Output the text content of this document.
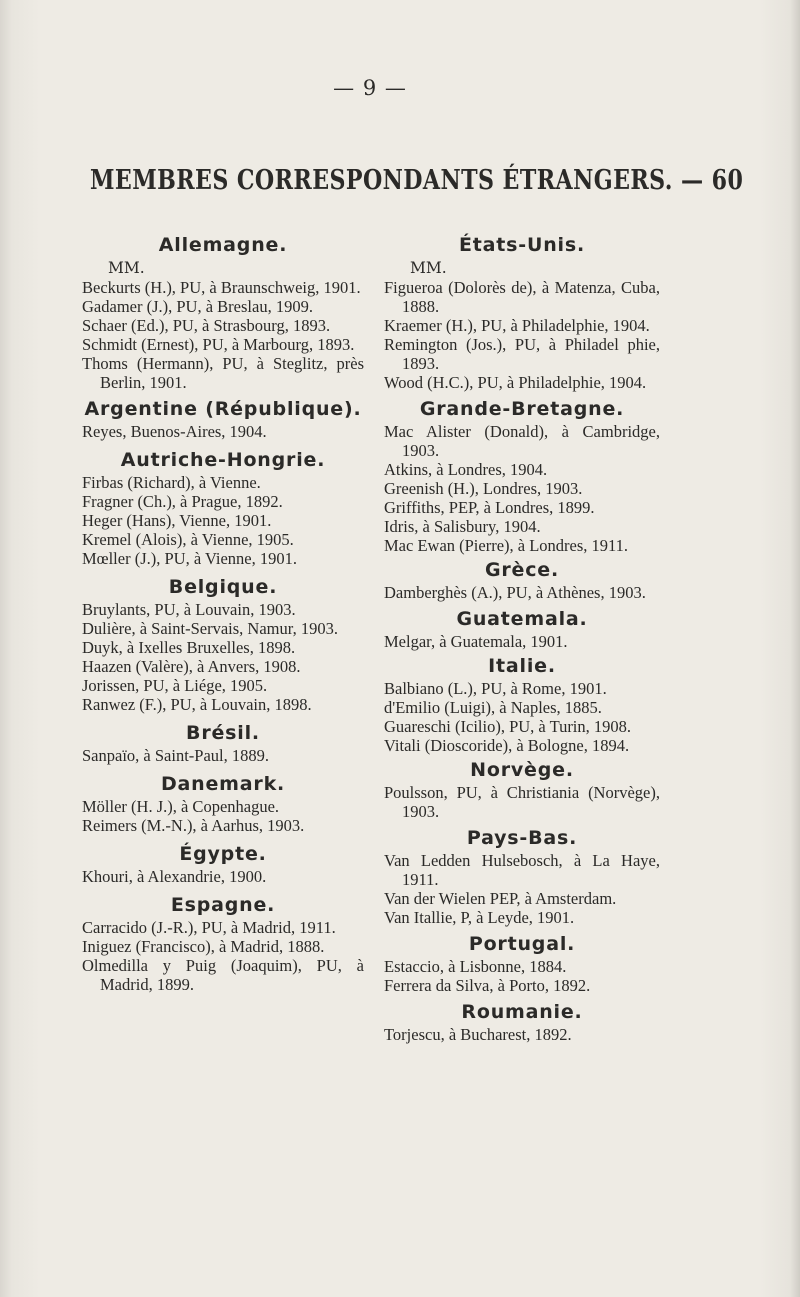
— 9 —
MEMBRES CORRESPONDANTS ÉTRANGERS. — 60
Allemagne.
MM.
Beckurts (H.), PU, à Braunschweig, 1901.
Gadamer (J.), PU, à Breslau, 1909.
Schaer (Ed.), PU, à Strasbourg, 1893.
Schmidt (Ernest), PU, à Marbourg, 1893.
Thoms (Hermann), PU, à Steglitz, près Berlin, 1901.
Argentine (République).
Reyes, Buenos-Aires, 1904.
Autriche-Hongrie.
Firbas (Richard), à Vienne.
Fragner (Ch.), à Prague, 1892.
Heger (Hans), Vienne, 1901.
Kremel (Alois), à Vienne, 1905.
Mœller (J.), PU, à Vienne, 1901.
Belgique.
Bruylants, PU, à Louvain, 1903.
Dulière, à Saint-Servais, Namur, 1903.
Duyk, à Ixelles Bruxelles, 1898.
Haazen (Valère), à Anvers, 1908.
Jorissen, PU, à Liége, 1905.
Ranwez (F.), PU, à Louvain, 1898.
Brésil.
Sanpaïo, à Saint-Paul, 1889.
Danemark.
Möller (H. J.), à Copenhague.
Reimers (M.-N.), à Aarhus, 1903.
Égypte.
Khouri, à Alexandrie, 1900.
Espagne.
Carracido (J.-R.), PU, à Madrid, 1911.
Iniguez (Francisco), à Madrid, 1888.
Olmedilla y Puig (Joaquim), PU, à Madrid, 1899.
États-Unis.
MM.
Figueroa (Dolorès de), à Matenza, Cuba, 1888.
Kraemer (H.), PU, à Philadelphie, 1904.
Remington (Jos.), PU, à Philadel phie, 1893.
Wood (H.C.), PU, à Philadelphie, 1904.
Grande-Bretagne.
Mac Alister (Donald), à Cambridge, 1903.
Atkins, à Londres, 1904.
Greenish (H.), Londres, 1903.
Griffiths, PEP, à Londres, 1899.
Idris, à Salisbury, 1904.
Mac Ewan (Pierre), à Londres, 1911.
Grèce.
Damberghès (A.), PU, à Athènes, 1903.
Guatemala.
Melgar, à Guatemala, 1901.
Italie.
Balbiano (L.), PU, à Rome, 1901.
d'Emilio (Luigi), à Naples, 1885.
Guareschi (Icilio), PU, à Turin, 1908.
Vitali (Dioscoride), à Bologne, 1894.
Norvège.
Poulsson, PU, à Christiania (Norvège), 1903.
Pays-Bas.
Van Ledden Hulsebosch, à La Haye, 1911.
Van der Wielen PEP, à Amsterdam.
Van Itallie, P, à Leyde, 1901.
Portugal.
Estaccio, à Lisbonne, 1884.
Ferrera da Silva, à Porto, 1892.
Roumanie.
Torjescu, à Bucharest, 1892.
